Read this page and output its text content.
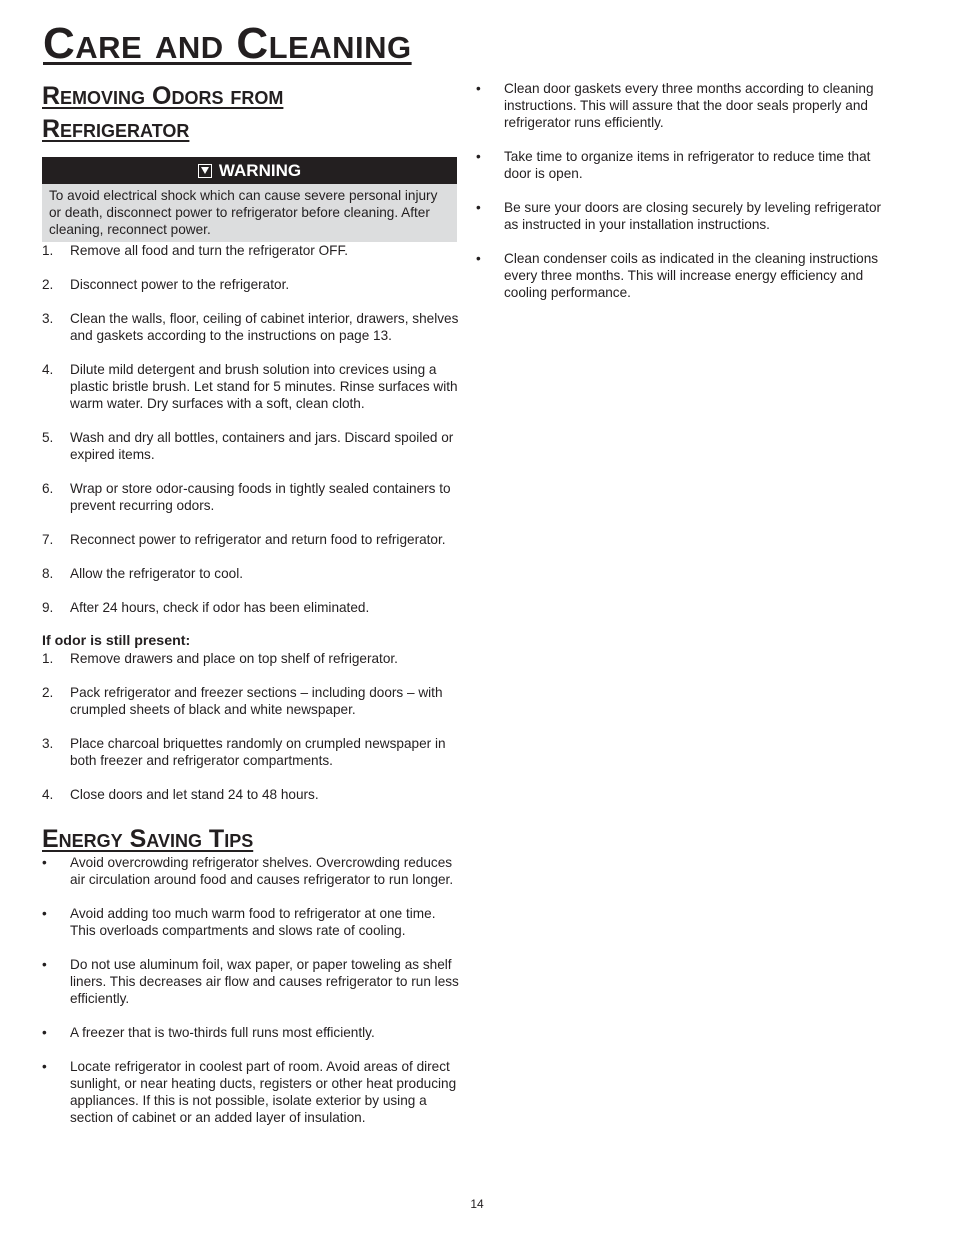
Care and Cleaning
Removing Odors from
Refrigerator
WARNING
To avoid electrical shock which can cause severe personal injury or death, disconnect power to refrigerator before cleaning. After cleaning, reconnect power.
1. Remove all food and turn the refrigerator OFF.
2. Disconnect power to the refrigerator.
3. Clean the walls, floor, ceiling of cabinet interior, drawers, shelves and gaskets according to the instructions on page 13.
4. Dilute mild detergent and brush solution into crevices using a plastic bristle brush. Let stand for 5 minutes. Rinse surfaces with warm water. Dry surfaces with a soft, clean cloth.
5. Wash and dry all bottles, containers and jars. Discard spoiled or expired items.
6. Wrap or store odor-causing foods in tightly sealed containers to prevent recurring odors.
7. Reconnect power to refrigerator and return food to refrigerator.
8. Allow the refrigerator to cool.
9. After 24 hours, check if odor has been eliminated.
If odor is still present:
1. Remove drawers and place on top shelf of refrigerator.
2. Pack refrigerator and freezer sections – including doors – with crumpled sheets of black and white newspaper.
3. Place charcoal briquettes randomly on crumpled newspaper in both freezer and refrigerator compartments.
4. Close doors and let stand 24 to 48 hours.
Energy Saving Tips
• Avoid overcrowding refrigerator shelves. Overcrowding reduces air circulation around food and causes refrigerator to run longer.
• Avoid adding too much warm food to refrigerator at one time. This overloads compartments and slows rate of cooling.
• Do not use aluminum foil, wax paper, or paper toweling as shelf liners. This decreases air flow and causes refrigerator to run less efficiently.
• A freezer that is two-thirds full runs most efficiently.
• Locate refrigerator in coolest part of room. Avoid areas of direct sunlight, or near heating ducts, registers or other heat producing appliances. If this is not possible, isolate exterior by using a section of cabinet or an added layer of insulation.
• Clean door gaskets every three months according to cleaning instructions. This will assure that the door seals properly and refrigerator runs efficiently.
• Take time to organize items in refrigerator to reduce time that door is open.
• Be sure your doors are closing securely by leveling refrigerator as instructed in your installation instructions.
• Clean condenser coils as indicated in the cleaning instructions every three months. This will increase energy efficiency and cooling performance.
14
